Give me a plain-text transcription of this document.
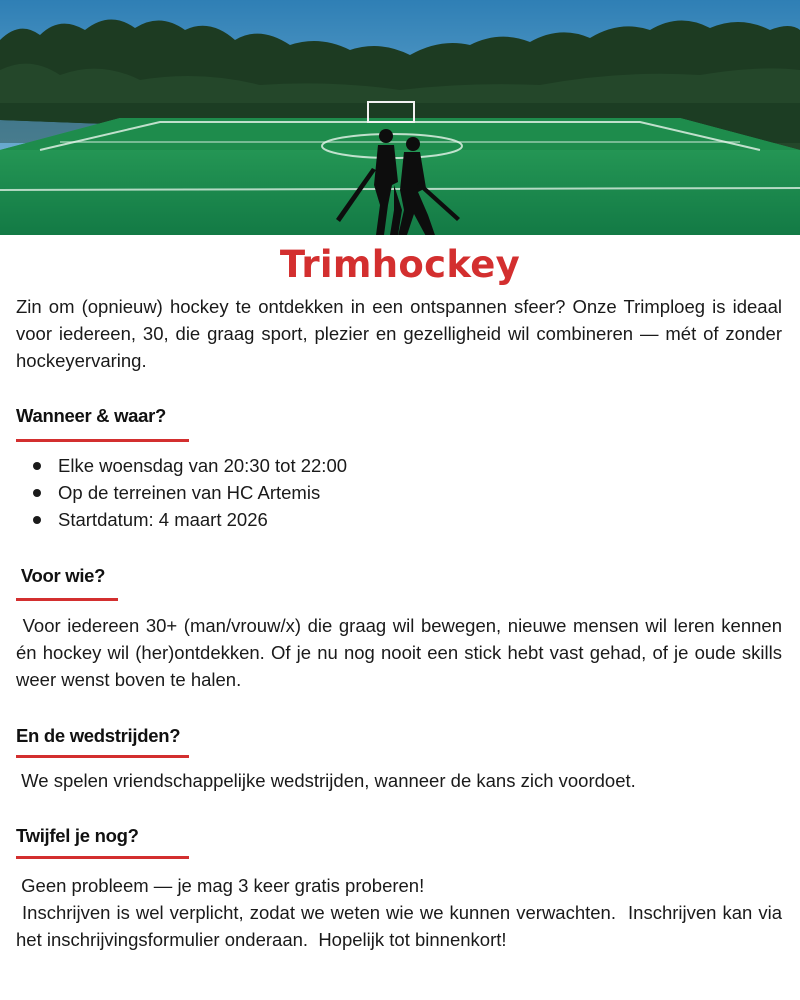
Trimhockey

Zin om (opnieuw) hockey te ontdekken in een ontspannen sfeer? Onze Trimploeg is ideaal voor iedereen, 30, die graag sport, plezier en gezelligheid wil combineren — mét of zonder hockeyervaring.

Wanneer & waar?
Elke woensdag van 20:30 tot 22:00
Op de terreinen van HC Artemis
Startdatum: 4 maart 2026
Voor wie?

Voor iedereen 30+ (man/vrouw/x) die graag wil bewegen, nieuwe mensen wil leren kennen én hockey wil (her)ontdekken. Of je nu nog nooit een stick hebt vast gehad, of je oude skills weer wenst boven te halen.

En de wedstrijden?

We spelen vriendschappelijke wedstrijden, wanneer de kans zich voordoet.

Twijfel je nog?

Geen probleem — je mag 3 keer gratis proberen!

Inschrijven is wel verplicht, zodat we weten wie we kunnen verwachten.  Inschrijven kan via het inschrijvingsformulier onderaan.  Hopelijk tot binnenkort!
